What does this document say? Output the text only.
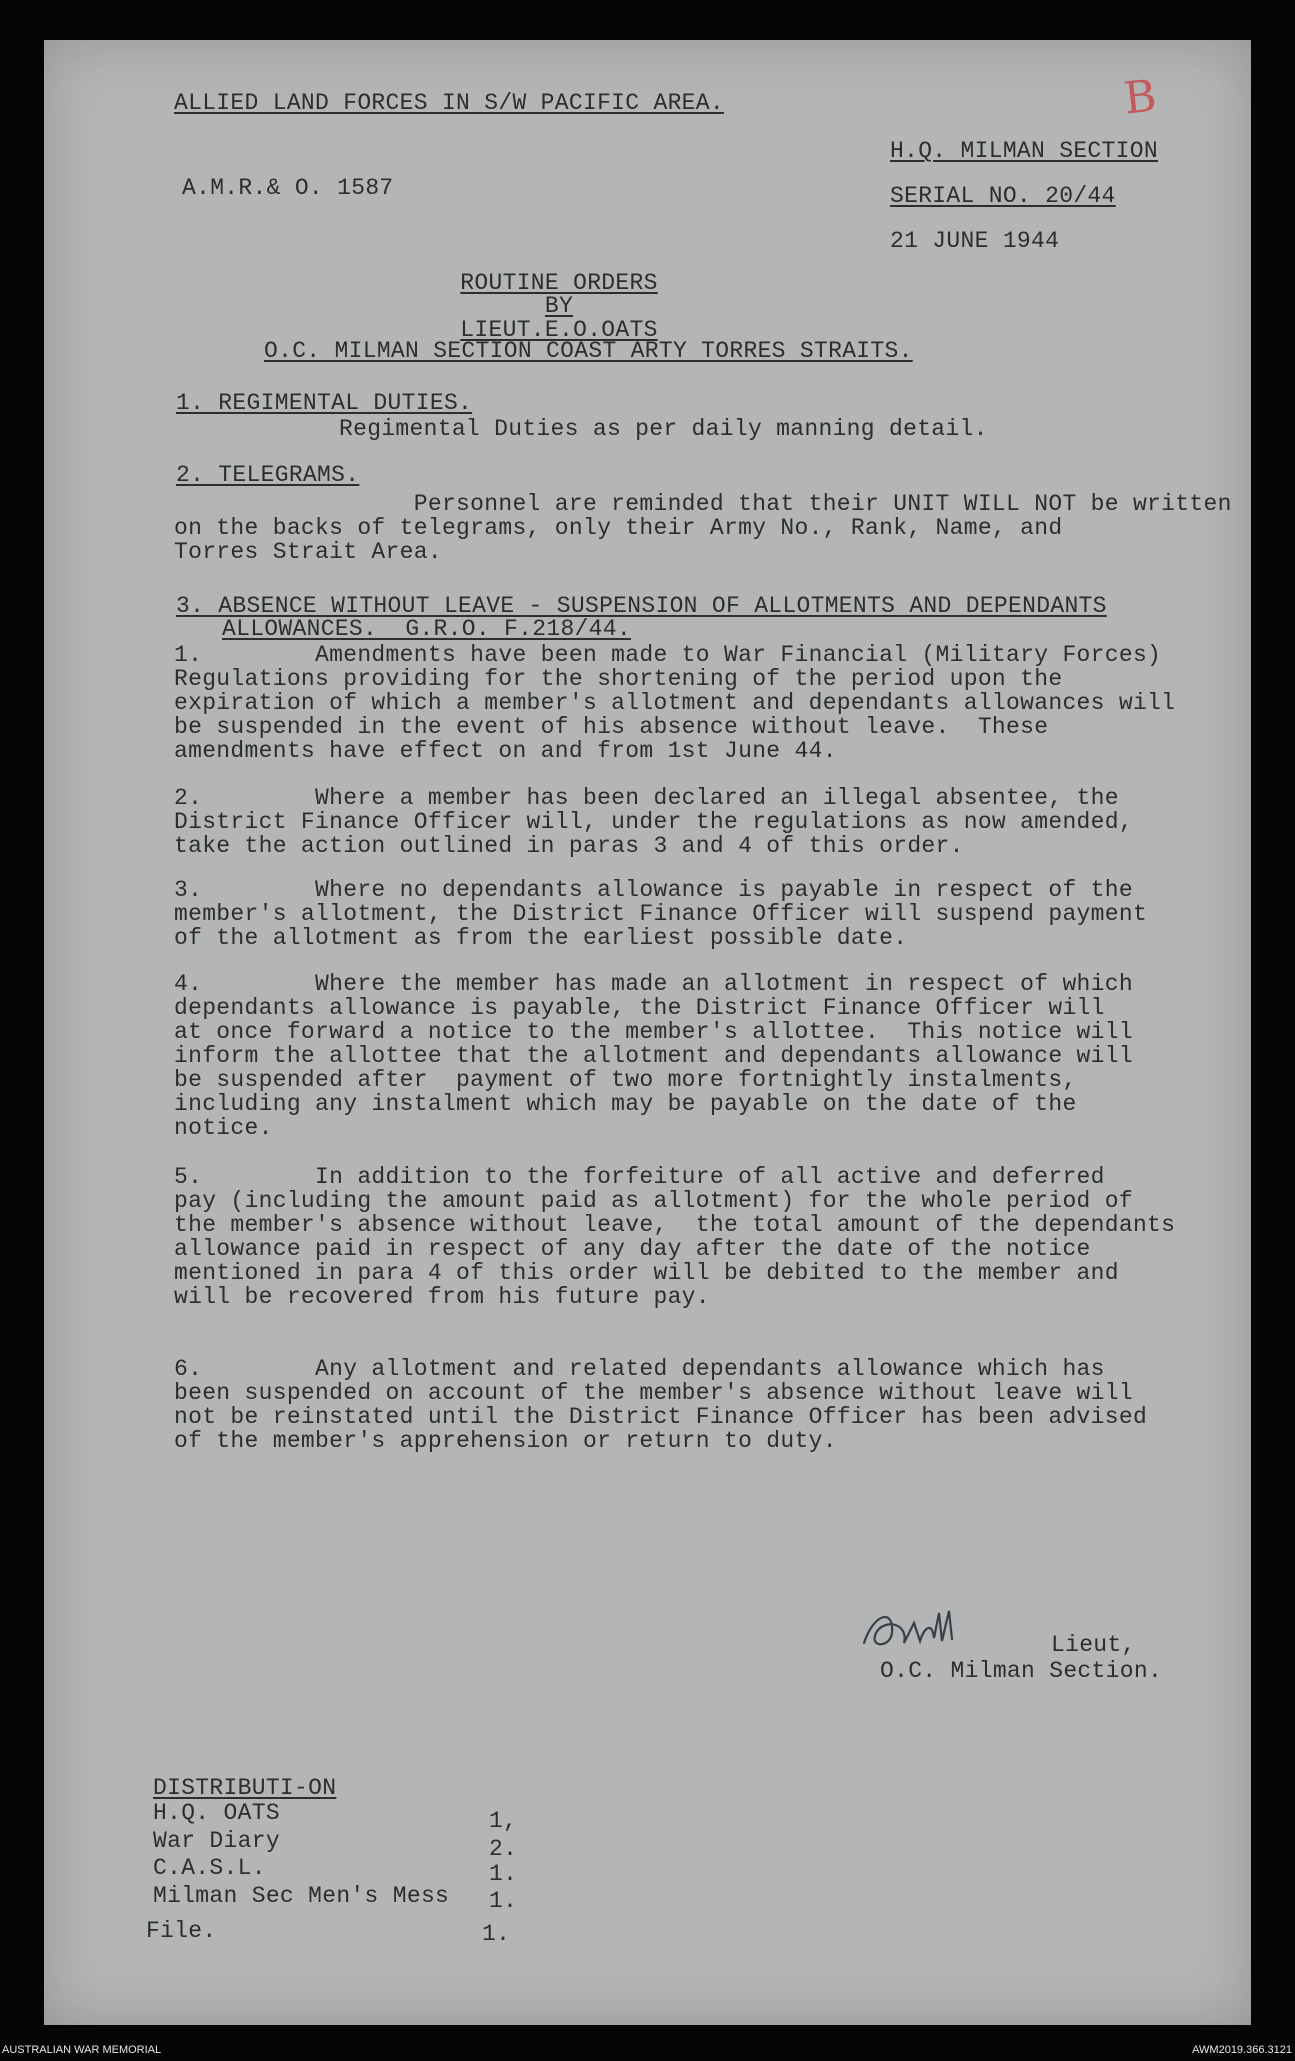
B
ALLIED LAND FORCES IN S/W PACIFIC AREA.
H.Q. MILMAN SECTION
A.M.R.& O. 1587	SERIAL NO. 20/44
21 JUNE 1944
ROUTINE ORDERS
BY
LIEUT.E.O.OATS
O.C. MILMAN SECTION COAST ARTY TORRES STRAITS.
1. REGIMENTAL DUTIES.
Regimental Duties as per daily manning detail.
2. TELEGRAMS.
Personnel are reminded that their UNIT WILL NOT be written
on the backs of telegrams, only their Army No., Rank, Name, and
Torres Strait Area.
3. ABSENCE WITHOUT LEAVE - SUSPENSION OF ALLOTMENTS AND DEPENDANTS
ALLOWANCES.  G.R.O. F.218/44.
1.        Amendments have been made to War Financial (Military Forces)
Regulations providing for the shortening of the period upon the
expiration of which a member's allotment and dependants allowances will
be suspended in the event of his absence without leave.  These
amendments have effect on and from 1st June 44.
2.        Where a member has been declared an illegal absentee, the
District Finance Officer will, under the regulations as now amended,
take the action outlined in paras 3 and 4 of this order.
3.        Where no dependants allowance is payable in respect of the
member's allotment, the District Finance Officer will suspend payment
of the allotment as from the earliest possible date.
4.        Where the member has made an allotment in respect of which
dependants allowance is payable, the District Finance Officer will
at once forward a notice to the member's allottee.  This notice will
inform the allottee that the allotment and dependants allowance will
be suspended after  payment of two more fortnightly instalments,
including any instalment which may be payable on the date of the
notice.
5.        In addition to the forfeiture of all active and deferred
pay (including the amount paid as allotment) for the whole period of
the member's absence without leave,  the total amount of the dependants
allowance paid in respect of any day after the date of the notice
mentioned in para 4 of this order will be debited to the member and
will be recovered from his future pay.
6.        Any allotment and related dependants allowance which has
been suspended on account of the member's absence without leave will
not be reinstated until the District Finance Officer has been advised
of the member's apprehension or return to duty.
Lieut,
O.C. Milman Section.
DISTRIBUTI-ON
H.Q. OATS	1,
War Diary	2.
C.A.S.L.	1.
Milman Sec Men's Mess 1.
File.	1.
AUSTRALIAN WAR MEMORIAL	AWM2019.366.3121
